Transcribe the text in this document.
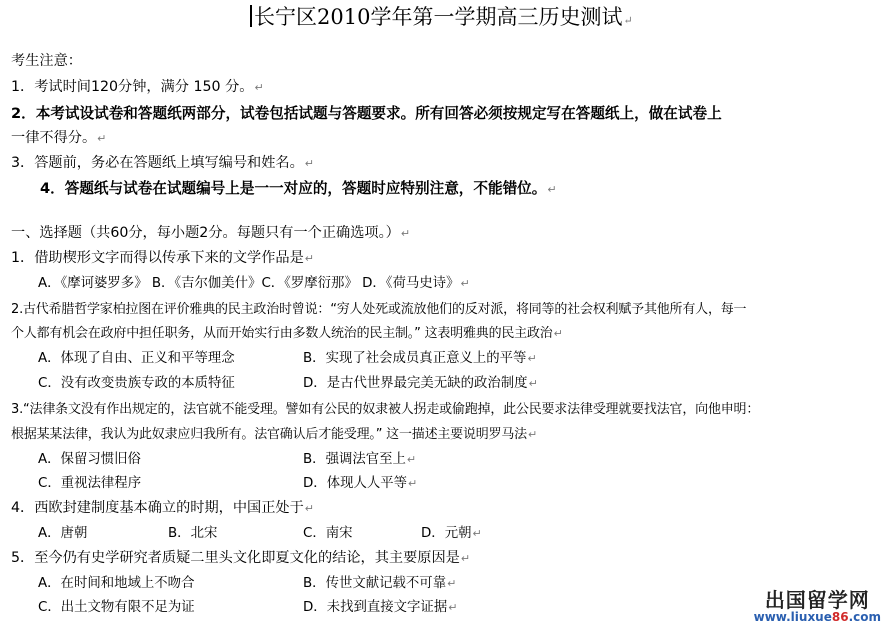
长宁区2010学年第一学期高三历史测试↵
考生注意：
1．考试时间120分钟，满分 150 分。↵
2．本考试设试卷和答题纸两部分，试卷包括试题与答题要求。所有回答必须按规定写在答题纸上，做在试卷上
一律不得分。↵
3．答题前，务必在答题纸上填写编号和姓名。↵
4．答题纸与试卷在试题编号上是一一对应的，答题时应特别注意，不能错位。↵
一、选择题（共60分，每小题2分。每题只有一个正确选项。）↵
1．借助楔形文字而得以传承下来的文学作品是↵
A．《摩诃婆罗多》 B．《吉尔伽美什》C．《罗摩衍那》 D．《荷马史诗》↵
2.古代希腊哲学家柏拉图在评价雅典的民主政治时曾说：“穷人处死或流放他们的反对派，将同等的社会权利赋予其他所有人，每一
个人都有机会在政府中担任职务，从而开始实行由多数人统治的民主制。” 这表明雅典的民主政治↵
A．体现了自由、正义和平等理念	B．实现了社会成员真正意义上的平等↵
C．没有改变贵族专政的本质特征	D．是古代世界最完美无缺的政治制度↵
3.“法律条文没有作出规定的，法官就不能受理。譬如有公民的奴隶被人拐走或偷跑掉，此公民要求法律受理就要找法官，向他申明：
根据某某法律，我认为此奴隶应归我所有。法官确认后才能受理。” 这一描述主要说明罗马法↵
A．保留习惯旧俗	B．强调法官至上↵
C．重视法律程序	D．体现人人平等↵
4．西欧封建制度基本确立的时期，中国正处于↵
A．唐朝	B．北宋	C．南宋	D．元朝↵
5．至今仍有史学研究者质疑二里头文化即夏文化的结论，其主要原因是↵
A．在时间和地域上不吻合	B．传世文献记载不可靠↵
C．出土文物有限不足为证	D．未找到直接文字证据↵	出国留学网
www.liuxue86.com
